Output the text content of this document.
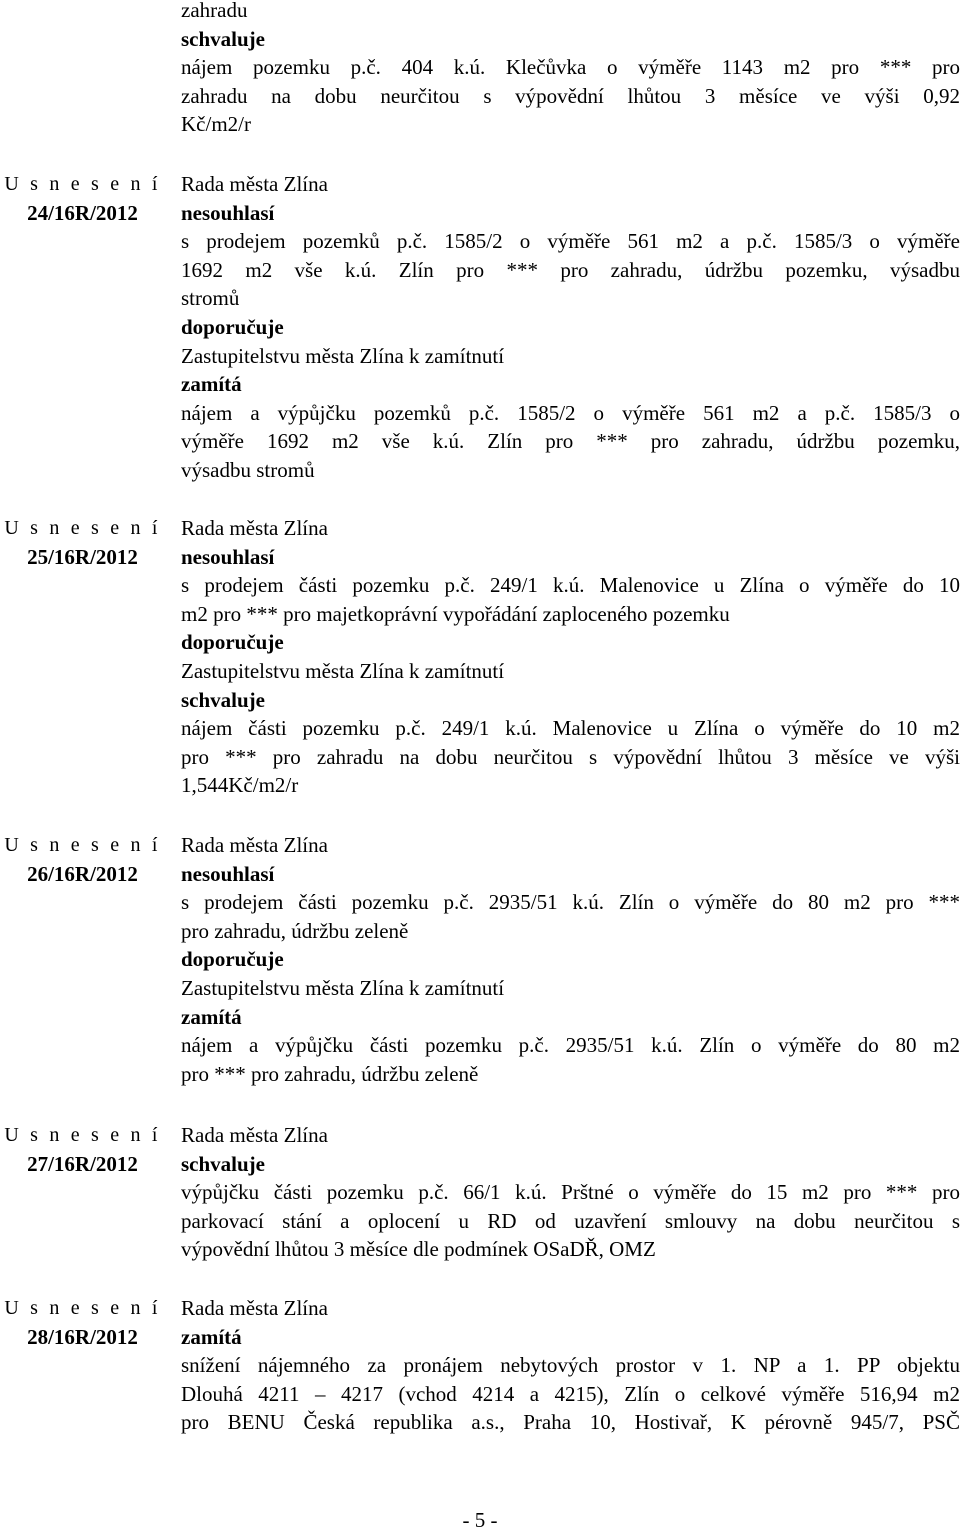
zahradu
schvaluje
nájem pozemku p.č. 404 k.ú. Klečůvka o výměře 1143 m2 pro *** pro
zahradu na dobu neurčitou s výpovědní lhůtou 3 měsíce ve výši 0,92
Kč/m2/r
U s n e s e n í
24/16R/2012
Rada města Zlína
nesouhlasí
s prodejem pozemků p.č. 1585/2 o výměře 561 m2 a p.č. 1585/3 o výměře
1692 m2 vše k.ú. Zlín pro *** pro zahradu, údržbu pozemku, výsadbu
stromů
doporučuje
Zastupitelstvu města Zlína k zamítnutí
zamítá
nájem a výpůjčku pozemků p.č. 1585/2 o výměře 561 m2 a p.č. 1585/3 o
výměře 1692 m2 vše k.ú. Zlín pro *** pro zahradu, údržbu pozemku,
výsadbu stromů
U s n e s e n í
25/16R/2012
Rada města Zlína
nesouhlasí
s prodejem části pozemku p.č. 249/1 k.ú. Malenovice u Zlína o výměře do 10
m2 pro *** pro majetkoprávní vypořádání zaploceného pozemku
doporučuje
Zastupitelstvu města Zlína k zamítnutí
schvaluje
nájem části pozemku p.č. 249/1 k.ú. Malenovice u Zlína o výměře do 10 m2
pro *** pro zahradu na dobu neurčitou s výpovědní lhůtou 3 měsíce ve výši
1,544Kč/m2/r
U s n e s e n í
26/16R/2012
Rada města Zlína
nesouhlasí
s prodejem části pozemku p.č. 2935/51 k.ú. Zlín o výměře do 80 m2 pro ***
pro zahradu, údržbu zeleně
doporučuje
Zastupitelstvu města Zlína k zamítnutí
zamítá
nájem a výpůjčku části pozemku p.č. 2935/51 k.ú. Zlín o výměře do 80 m2
pro *** pro zahradu, údržbu zeleně
U s n e s e n í
27/16R/2012
Rada města Zlína
schvaluje
výpůjčku části pozemku p.č. 66/1 k.ú. Prštné o výměře do 15 m2 pro *** pro
parkovací stání a oplocení u RD od uzavření smlouvy na dobu neurčitou s
výpovědní lhůtou 3 měsíce dle podmínek OSaDŘ, OMZ
U s n e s e n í
28/16R/2012
Rada města Zlína
zamítá
snížení nájemného za pronájem nebytových prostor v 1. NP a 1. PP objektu
Dlouhá 4211 – 4217 (vchod 4214 a 4215), Zlín o celkové výměře 516,94 m2
pro BENU Česká republika a.s., Praha 10, Hostivař, K pérovně 945/7, PSČ
- 5 -
